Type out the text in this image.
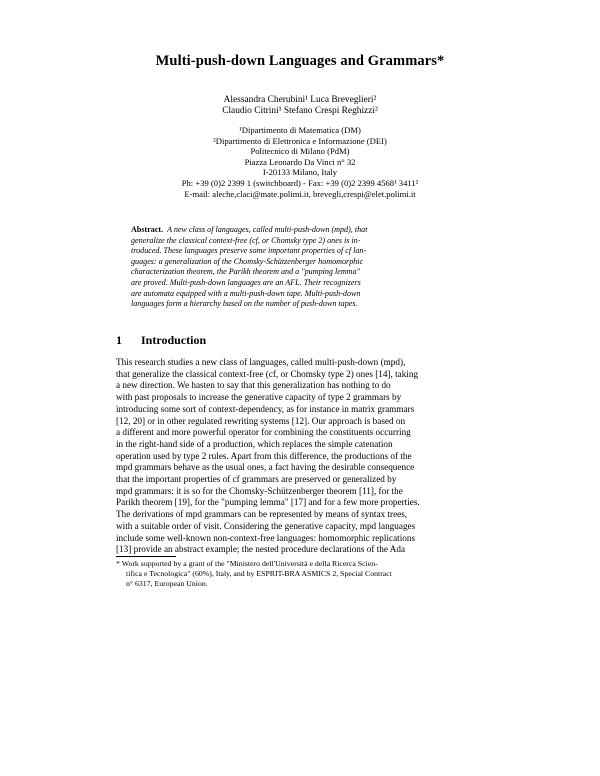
Multi-push-down Languages and Grammars*
Alessandra Cherubini¹ Luca Breveglieri²
Claudio Citrini¹ Stefano Crespi Reghizzi²
¹Dipartimento di Matematica (DM)
²Dipartimento di Elettronica e Informazione (DEI)
Politecnico di Milano (PdM)
Piazza Leonardo Da Vinci n° 32
I-20133 Milano, Italy
Ph: +39 (0)2 2399 1 (switchboard) - Fax: +39 (0)2 2399 4568¹ 3411²
E-mail: aleche,claci@mate.polimi.it, brevegli,crespi@elet.polimi.it
Abstract. A new class of languages, called multi-push-down (mpd), that
generalize the classical context-free (cf, or Chomsky type 2) ones is in-
troduced. These languages preserve some important properties of cf lan-
guages: a generalization of the Chomsky-Schützenberger homomorphic
characterization theorem, the Parikh theorem and a "pumping lemma"
are proved. Multi-push-down languages are an AFL. Their recognizers
are automata equipped with a multi-push-down tape. Multi-push-down
languages form a hierarchy based on the number of push-down tapes.
1 Introduction
This research studies a new class of languages, called multi-push-down (mpd),
that generalize the classical context-free (cf, or Chomsky type 2) ones [14], taking
a new direction. We hasten to say that this generalization has nothing to do
with past proposals to increase the generative capacity of type 2 grammars by
introducing some sort of context-dependency, as for instance in matrix grammars
[12, 20] or in other regulated rewriting systems [12]. Our approach is based on
a different and more powerful operator for combining the constituents occurring
in the right-hand side of a production, which replaces the simple catenation
operation used by type 2 rules. Apart from this difference, the productions of the
mpd grammars behave as the usual ones, a fact having the desirable consequence
that the important properties of cf grammars are preserved or generalized by
mpd grammars: it is so for the Chomsky-Schützenberger theorem [11], for the
Parikh theorem [19], for the "pumping lemma" [17] and for a few more properties.
The derivations of mpd grammars can be represented by means of syntax trees,
with a suitable order of visit. Considering the generative capacity, mpd languages
include some well-known non-context-free languages: homomorphic replications
[13] provide an abstract example; the nested procedure declarations of the Ada
* Work supported by a grant of the "Ministero dell'Università e della Ricerca Scien-
tifica e Tecnologica" (60%), Italy, and by ESPRIT-BRA ASMICS 2, Special Contract
n° 6317, European Union.
